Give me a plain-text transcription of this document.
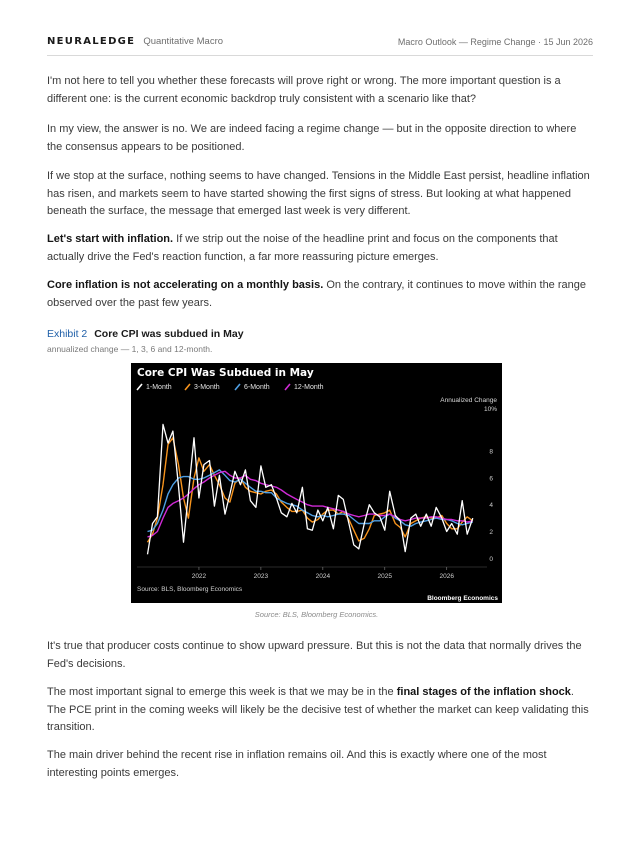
NEURALEDGE Quantitative Macro	Macro Outlook — Regime Change · 15 Jun 2026

I'm not here to tell you whether these forecasts will prove right or wrong. The more important question is a different one: is the current economic backdrop truly consistent with a scenario like that?

In my view, the answer is no. We are indeed facing a regime change — but in the opposite direction to where the consensus appears to be positioned.

If we stop at the surface, nothing seems to have changed. Tensions in the Middle East persist, headline inflation has risen, and markets seem to have started showing the first signs of stress. But looking at what happened beneath the surface, the message that emerged last week is very different.

Let's start with inflation. If we strip out the noise of the headline print and focus on the components that actually drive the Fed's reaction function, a far more reassuring picture emerges.

Core inflation is not accelerating on a monthly basis. On the contrary, it continues to move within the range observed over the past few years.

Exhibit 2 Core CPI was subdued in May
annualized change — 1, 3, 6 and 12-month.
Core CPI Was Subdued in May
1-Month	3-Month	6-Month	12-Month
Annualized Change
10%
0
2
4
6
8
2022	2023	2024	2025	2026
Source: BLS, Bloomberg Economics
Bloomberg Economics
Source: BLS, Bloomberg Economics.

It's true that producer costs continue to show upward pressure. But this is not the data that normally drives the Fed's decisions.

The most important signal to emerge this week is that we may be in the final stages of the inflation shock. The PCE print in the coming weeks will likely be the decisive test of whether the market can keep validating this transition.

The main driver behind the recent rise in inflation remains oil. And this is exactly where one of the most interesting points emerges.
